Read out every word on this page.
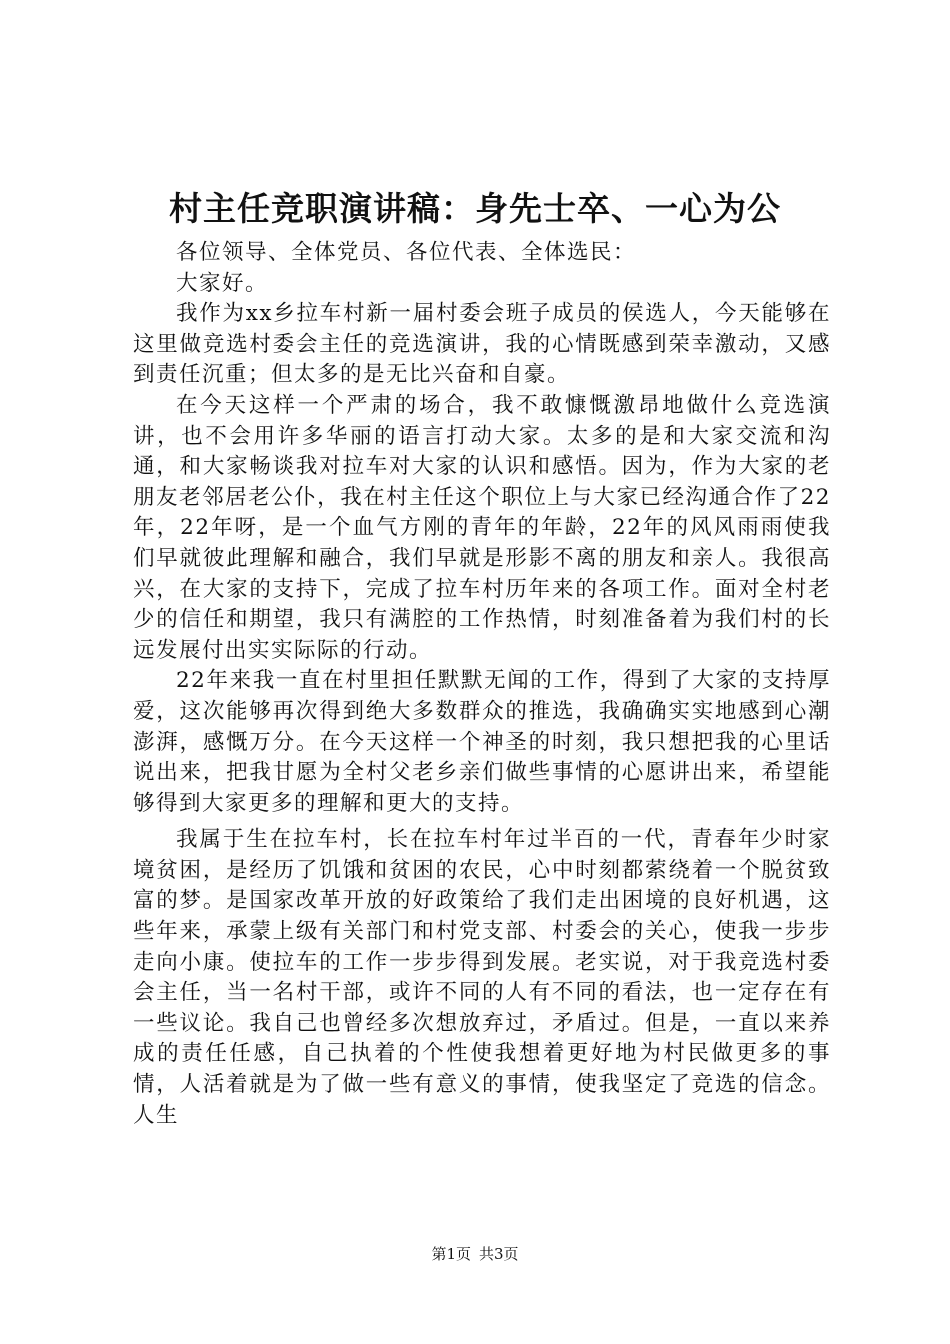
村主任竞职演讲稿：身先士卒、一心为公

各位领导、全体党员、各位代表、全体选民：

大家好。

我作为xx乡拉车村新一届村委会班子成员的侯选人，今天能够在这里做竞选村委会主任的竞选演讲，我的心情既感到荣幸激动，又感到责任沉重；但太多的是无比兴奋和自豪。

在今天这样一个严肃的场合，我不敢慷慨激昂地做什么竞选演讲，也不会用许多华丽的语言打动大家。太多的是和大家交流和沟通，和大家畅谈我对拉车对大家的认识和感悟。因为，作为大家的老朋友老邻居老公仆，我在村主任这个职位上与大家已经沟通合作了22年，22年呀，是一个血气方刚的青年的年龄，22年的风风雨雨使我们早就彼此理解和融合，我们早就是形影不离的朋友和亲人。我很高兴，在大家的支持下，完成了拉车村历年来的各项工作。面对全村老少的信任和期望，我只有满腔的工作热情，时刻准备着为我们村的长远发展付出实实际际的行动。

22年来我一直在村里担任默默无闻的工作，得到了大家的支持厚爱，这次能够再次得到绝大多数群众的推选，我确确实实地感到心潮澎湃，感慨万分。在今天这样一个神圣的时刻，我只想把我的心里话说出来，把我甘愿为全村父老乡亲们做些事情的心愿讲出来，希望能够得到大家更多的理解和更大的支持。

我属于生在拉车村，长在拉车村年过半百的一代，青春年少时家境贫困，是经历了饥饿和贫困的农民，心中时刻都萦绕着一个脱贫致富的梦。是国家改革开放的好政策给了我们走出困境的良好机遇，这些年来，承蒙上级有关部门和村党支部、村委会的关心，使我一步步走向小康。使拉车的工作一步步得到发展。老实说，对于我竞选村委会主任，当一名村干部，或许不同的人有不同的看法，也一定存在有一些议论。我自己也曾经多次想放弃过，矛盾过。但是，一直以来养成的责任任感，自己执着的个性使我想着更好地为村民做更多的事情，人活着就是为了做一些有意义的事情，使我坚定了竞选的信念。人生

第1页 共3页
